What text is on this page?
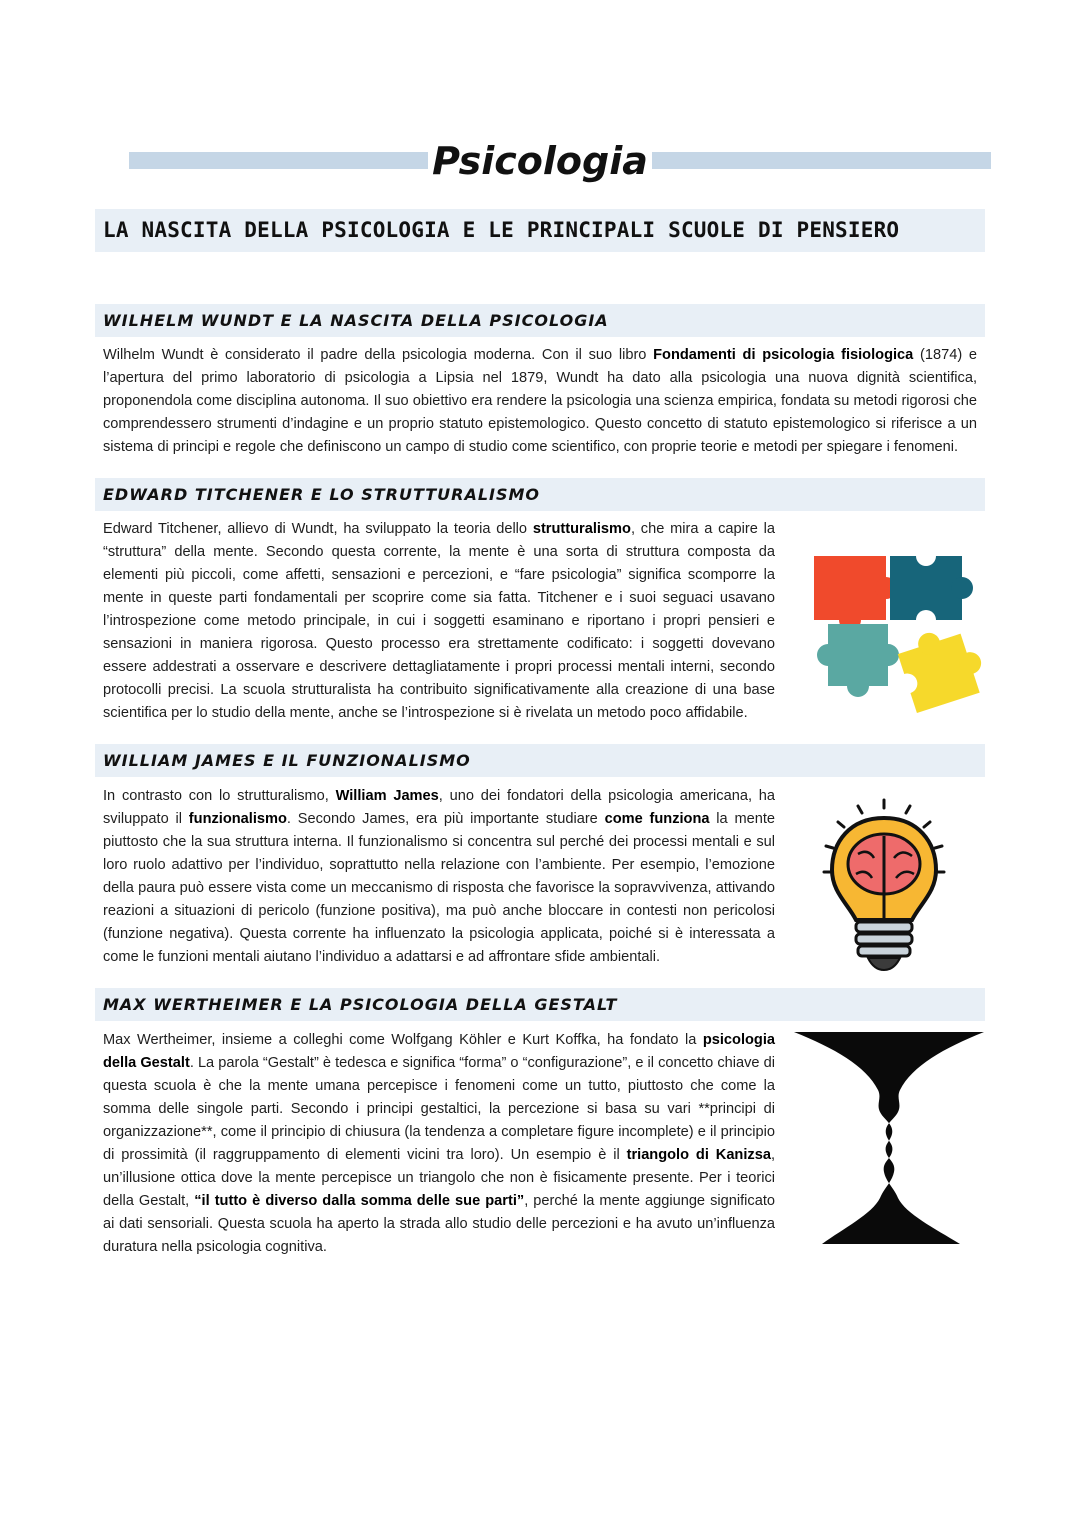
Psicologia
LA NASCITA DELLA PSICOLOGIA E LE PRINCIPALI SCUOLE DI PENSIERO
WILHELM WUNDT E LA NASCITA DELLA PSICOLOGIA

Wilhelm Wundt è considerato il padre della psicologia moderna. Con il suo libro Fondamenti di psicologia fisiologica (1874) e l’apertura del primo laboratorio di psicologia a Lipsia nel 1879, Wundt ha dato alla psicologia una nuova dignità scientifica, proponendola come disciplina autonoma. Il suo obiettivo era rendere la psicologia una scienza empirica, fondata su metodi rigorosi che comprendessero strumenti d’indagine e un proprio statuto epistemologico. Questo concetto di statuto epistemologico si riferisce a un sistema di principi e regole che definiscono un campo di studio come scientifico, con proprie teorie e metodi per spiegare i fenomeni.

EDWARD TITCHENER E LO STRUTTURALISMO

Edward Titchener, allievo di Wundt, ha sviluppato la teoria dello strutturalismo, che mira a capire la “struttura” della mente. Secondo questa corrente, la mente è una sorta di struttura composta da elementi più piccoli, come affetti, sensazioni e percezioni, e “fare psicologia” significa scomporre la mente in queste parti fondamentali per scoprire come sia fatta. Titchener e i suoi seguaci usavano l’introspezione come metodo principale, in cui i soggetti esaminano e riportano i propri pensieri e sensazioni in maniera rigorosa. Questo processo era strettamente codificato: i soggetti dovevano essere addestrati a osservare e descrivere dettagliatamente i propri processi mentali interni, secondo protocolli precisi. La scuola strutturalista ha contribuito significativamente alla creazione di una base scientifica per lo studio della mente, anche se l’introspezione si è rivelata un metodo poco affidabile.

WILLIAM JAMES E IL FUNZIONALISMO

In contrasto con lo strutturalismo, William James, uno dei fondatori della psicologia americana, ha sviluppato il funzionalismo. Secondo James, era più importante studiare come funziona la mente piuttosto che la sua struttura interna. Il funzionalismo si concentra sul perché dei processi mentali e sul loro ruolo adattivo per l’individuo, soprattutto nella relazione con l’ambiente. Per esempio, l’emozione della paura può essere vista come un meccanismo di risposta che favorisce la sopravvivenza, attivando reazioni a situazioni di pericolo (funzione positiva), ma può anche bloccare in contesti non pericolosi (funzione negativa). Questa corrente ha influenzato la psicologia applicata, poiché si è interessata a come le funzioni mentali aiutano l’individuo a adattarsi e ad affrontare sfide ambientali.

MAX WERTHEIMER E LA PSICOLOGIA DELLA GESTALT

Max Wertheimer, insieme a colleghi come Wolfgang Köhler e Kurt Koffka, ha fondato la psicologia della Gestalt. La parola “Gestalt” è tedesca e significa “forma” o “configurazione”, e il concetto chiave di questa scuola è che la mente umana percepisce i fenomeni come un tutto, piuttosto che come la somma delle singole parti. Secondo i principi gestaltici, la percezione si basa su vari **principi di organizzazione**, come il principio di chiusura (la tendenza a completare figure incomplete) e il principio di prossimità (il raggruppamento di elementi vicini tra loro). Un esempio è il triangolo di Kanizsa, un’illusione ottica dove la mente percepisce un triangolo che non è fisicamente presente. Per i teorici della Gestalt, “il tutto è diverso dalla somma delle sue parti”, perché la mente aggiunge significato ai dati sensoriali. Questa scuola ha aperto la strada allo studio delle percezioni e ha avuto un’influenza duratura nella psicologia cognitiva.
